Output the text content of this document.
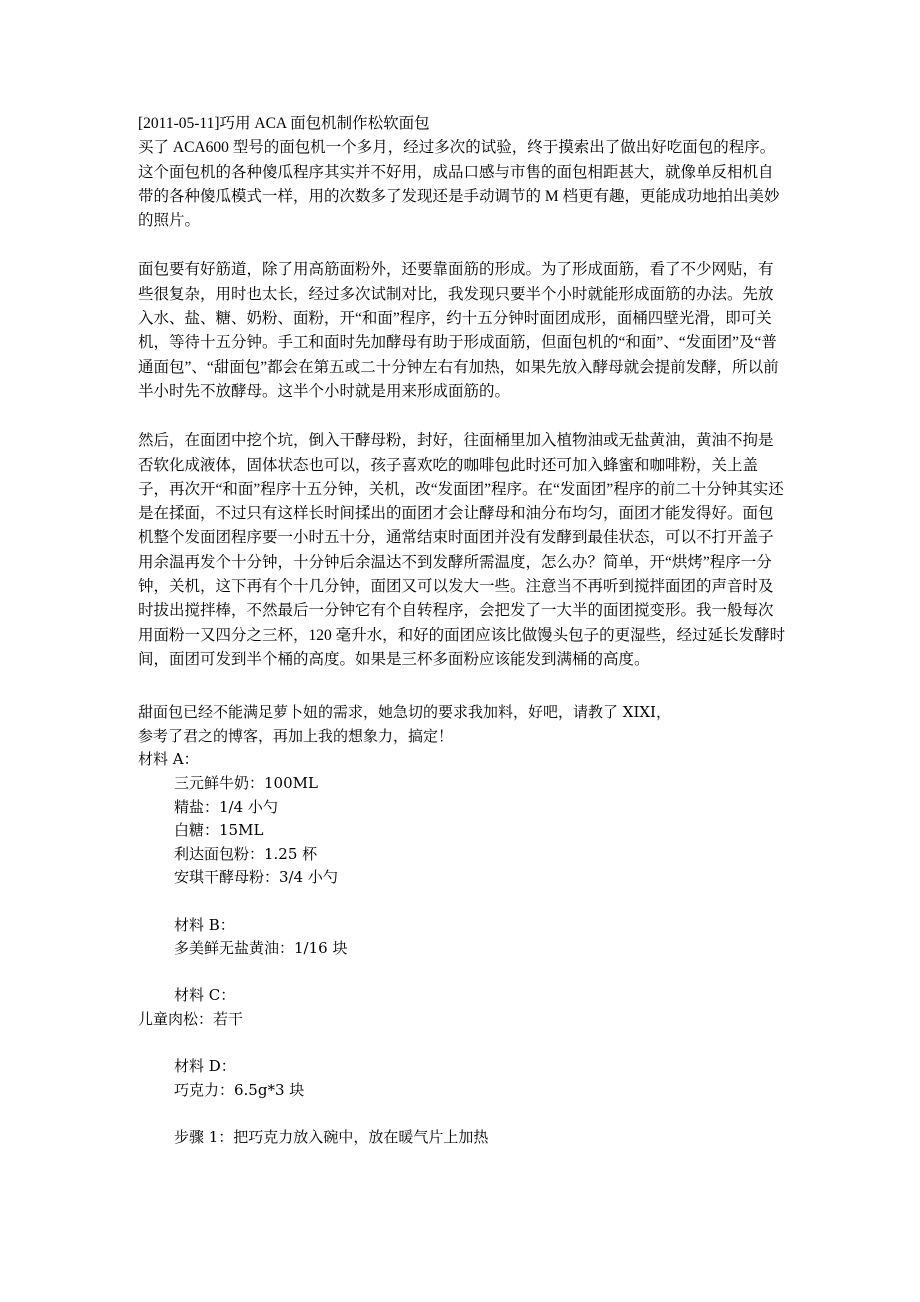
[2011-05-11]巧用 ACA 面包机制作松软面包

买了 ACA600 型号的面包机一个多月，经过多次的试验，终于摸索出了做出好吃面包的程序。这个面包机的各种傻瓜程序其实并不好用，成品口感与市售的面包相距甚大，就像单反相机自带的各种傻瓜模式一样，用的次数多了发现还是手动调节的 M 档更有趣，更能成功地拍出美妙的照片。

面包要有好筋道，除了用高筋面粉外，还要靠面筋的形成。为了形成面筋，看了不少网贴，有些很复杂，用时也太长，经过多次试制对比，我发现只要半个小时就能形成面筋的办法。先放入水、盐、糖、奶粉、面粉，开“和面”程序，约十五分钟时面团成形，面桶四壁光滑，即可关机，等待十五分钟。手工和面时先加酵母有助于形成面筋，但面包机的“和面”、“发面团”及“普通面包”、“甜面包”都会在第五或二十分钟左右有加热，如果先放入酵母就会提前发酵，所以前半小时先不放酵母。这半个小时就是用来形成面筋的。

然后，在面团中挖个坑，倒入干酵母粉，封好，往面桶里加入植物油或无盐黄油，黄油不拘是否软化成液体，固体状态也可以，孩子喜欢吃的咖啡包此时还可加入蜂蜜和咖啡粉，关上盖子，再次开“和面”程序十五分钟，关机，改“发面团”程序。在“发面团”程序的前二十分钟其实还是在揉面，不过只有这样长时间揉出的面团才会让酵母和油分布均匀，面团才能发得好。面包机整个发面团程序要一小时五十分，通常结束时面团并没有发酵到最佳状态，可以不打开盖子用余温再发个十分钟，十分钟后余温达不到发酵所需温度，怎么办？简单，开“烘烤”程序一分钟，关机，这下再有个十几分钟，面团又可以发大一些。注意当不再听到搅拌面团的声音时及时拔出搅拌棒，不然最后一分钟它有个自转程序，会把发了一大半的面团搅变形。我一般每次用面粉一又四分之三杯，120 毫升水，和好的面团应该比做馒头包子的更湿些，经过延长发酵时间，面团可发到半个桶的高度。如果是三杯多面粉应该能发到满桶的高度。

甜面包已经不能满足萝卜妞的需求，她急切的要求我加料，好吧，请教了 XIXI，
参考了君之的博客，再加上我的想象力，搞定！
材料 A：
三元鲜牛奶：100ML
精盐：1/4 小勺
白糖：15ML
利达面包粉：1.25 杯
安琪干酵母粉：3/4 小勺
材料 B：
多美鲜无盐黄油：1/16 块
材料 C：
儿童肉松：若干
材料 D：
巧克力：6.5g*3 块
步骤 1：把巧克力放入碗中，放在暖气片上加热
